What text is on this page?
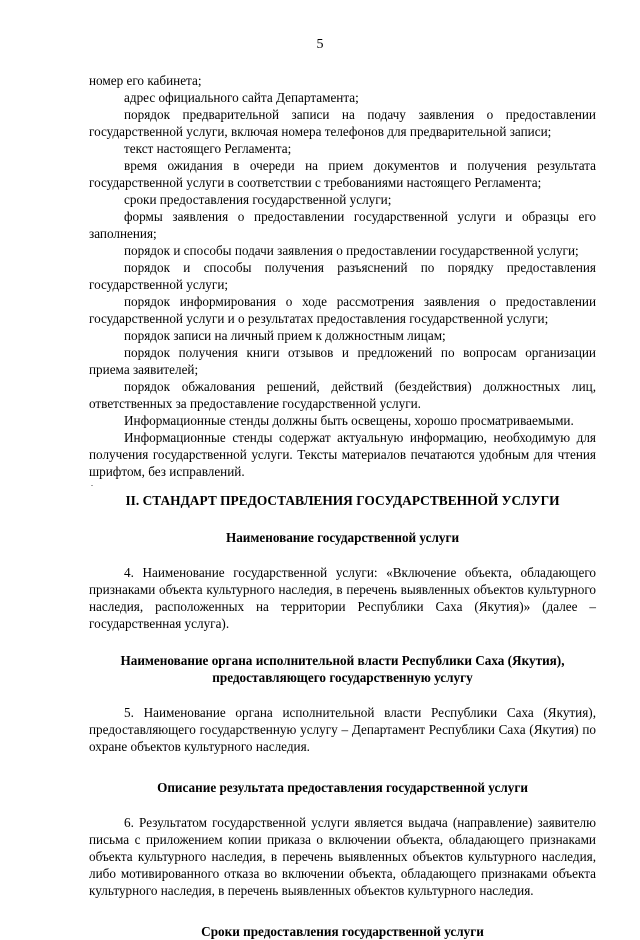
5

номер его кабинета;

адрес официального сайта Департамента;

порядок предварительной записи на подачу заявления о предоставлении государственной услуги, включая номера телефонов для предварительной записи;

текст настоящего Регламента;

время ожидания в очереди на прием документов и получения результата государственной услуги в соответствии с требованиями настоящего Регламента;

сроки предоставления государственной услуги;

формы заявления о предоставлении государственной услуги и образцы его заполнения;

порядок и способы подачи заявления о предоставлении государственной услуги;

порядок и способы получения разъяснений по порядку предоставления государственной услуги;

порядок информирования о ходе рассмотрения заявления о предоставлении государственной услуги и о результатах предоставления государственной услуги;

порядок записи на личный прием к должностным лицам;

порядок получения книги отзывов и предложений по вопросам организации приема заявителей;

порядок обжалования решений, действий (бездействия) должностных лиц, ответственных за предоставление государственной услуги.

Информационные стенды должны быть освещены, хорошо просматриваемыми.

Информационные стенды содержат актуальную информацию, необходимую для получения государственной услуги. Тексты материалов печатаются удобным для чтения шрифтом, без исправлений.

.

II. СТАНДАРТ ПРЕДОСТАВЛЕНИЯ ГОСУДАРСТВЕННОЙ УСЛУГИ

Наименование государственной услуги

4. Наименование государственной услуги: «Включение объекта, обладающего признаками объекта культурного наследия, в перечень выявленных объектов культурного наследия, расположенных на территории Республики Саха (Якутия)» (далее – государственная услуга).

Наименование органа исполнительной власти Республики Саха (Якутия),

предоставляющего государственную услугу

5. Наименование органа исполнительной власти Республики Саха (Якутия), предоставляющего государственную услугу – Департамент Республики Саха (Якутия) по охране объектов культурного наследия.

Описание результата предоставления государственной услуги

6. Результатом государственной услуги является выдача (направление) заявителю письма с приложением копии приказа о включении объекта, обладающего признаками объекта культурного наследия, в перечень выявленных объектов культурного наследия, либо мотивированного отказа во включении объекта, обладающего признаками объекта культурного наследия, в перечень выявленных объектов культурного наследия.

Сроки предоставления государственной услуги
